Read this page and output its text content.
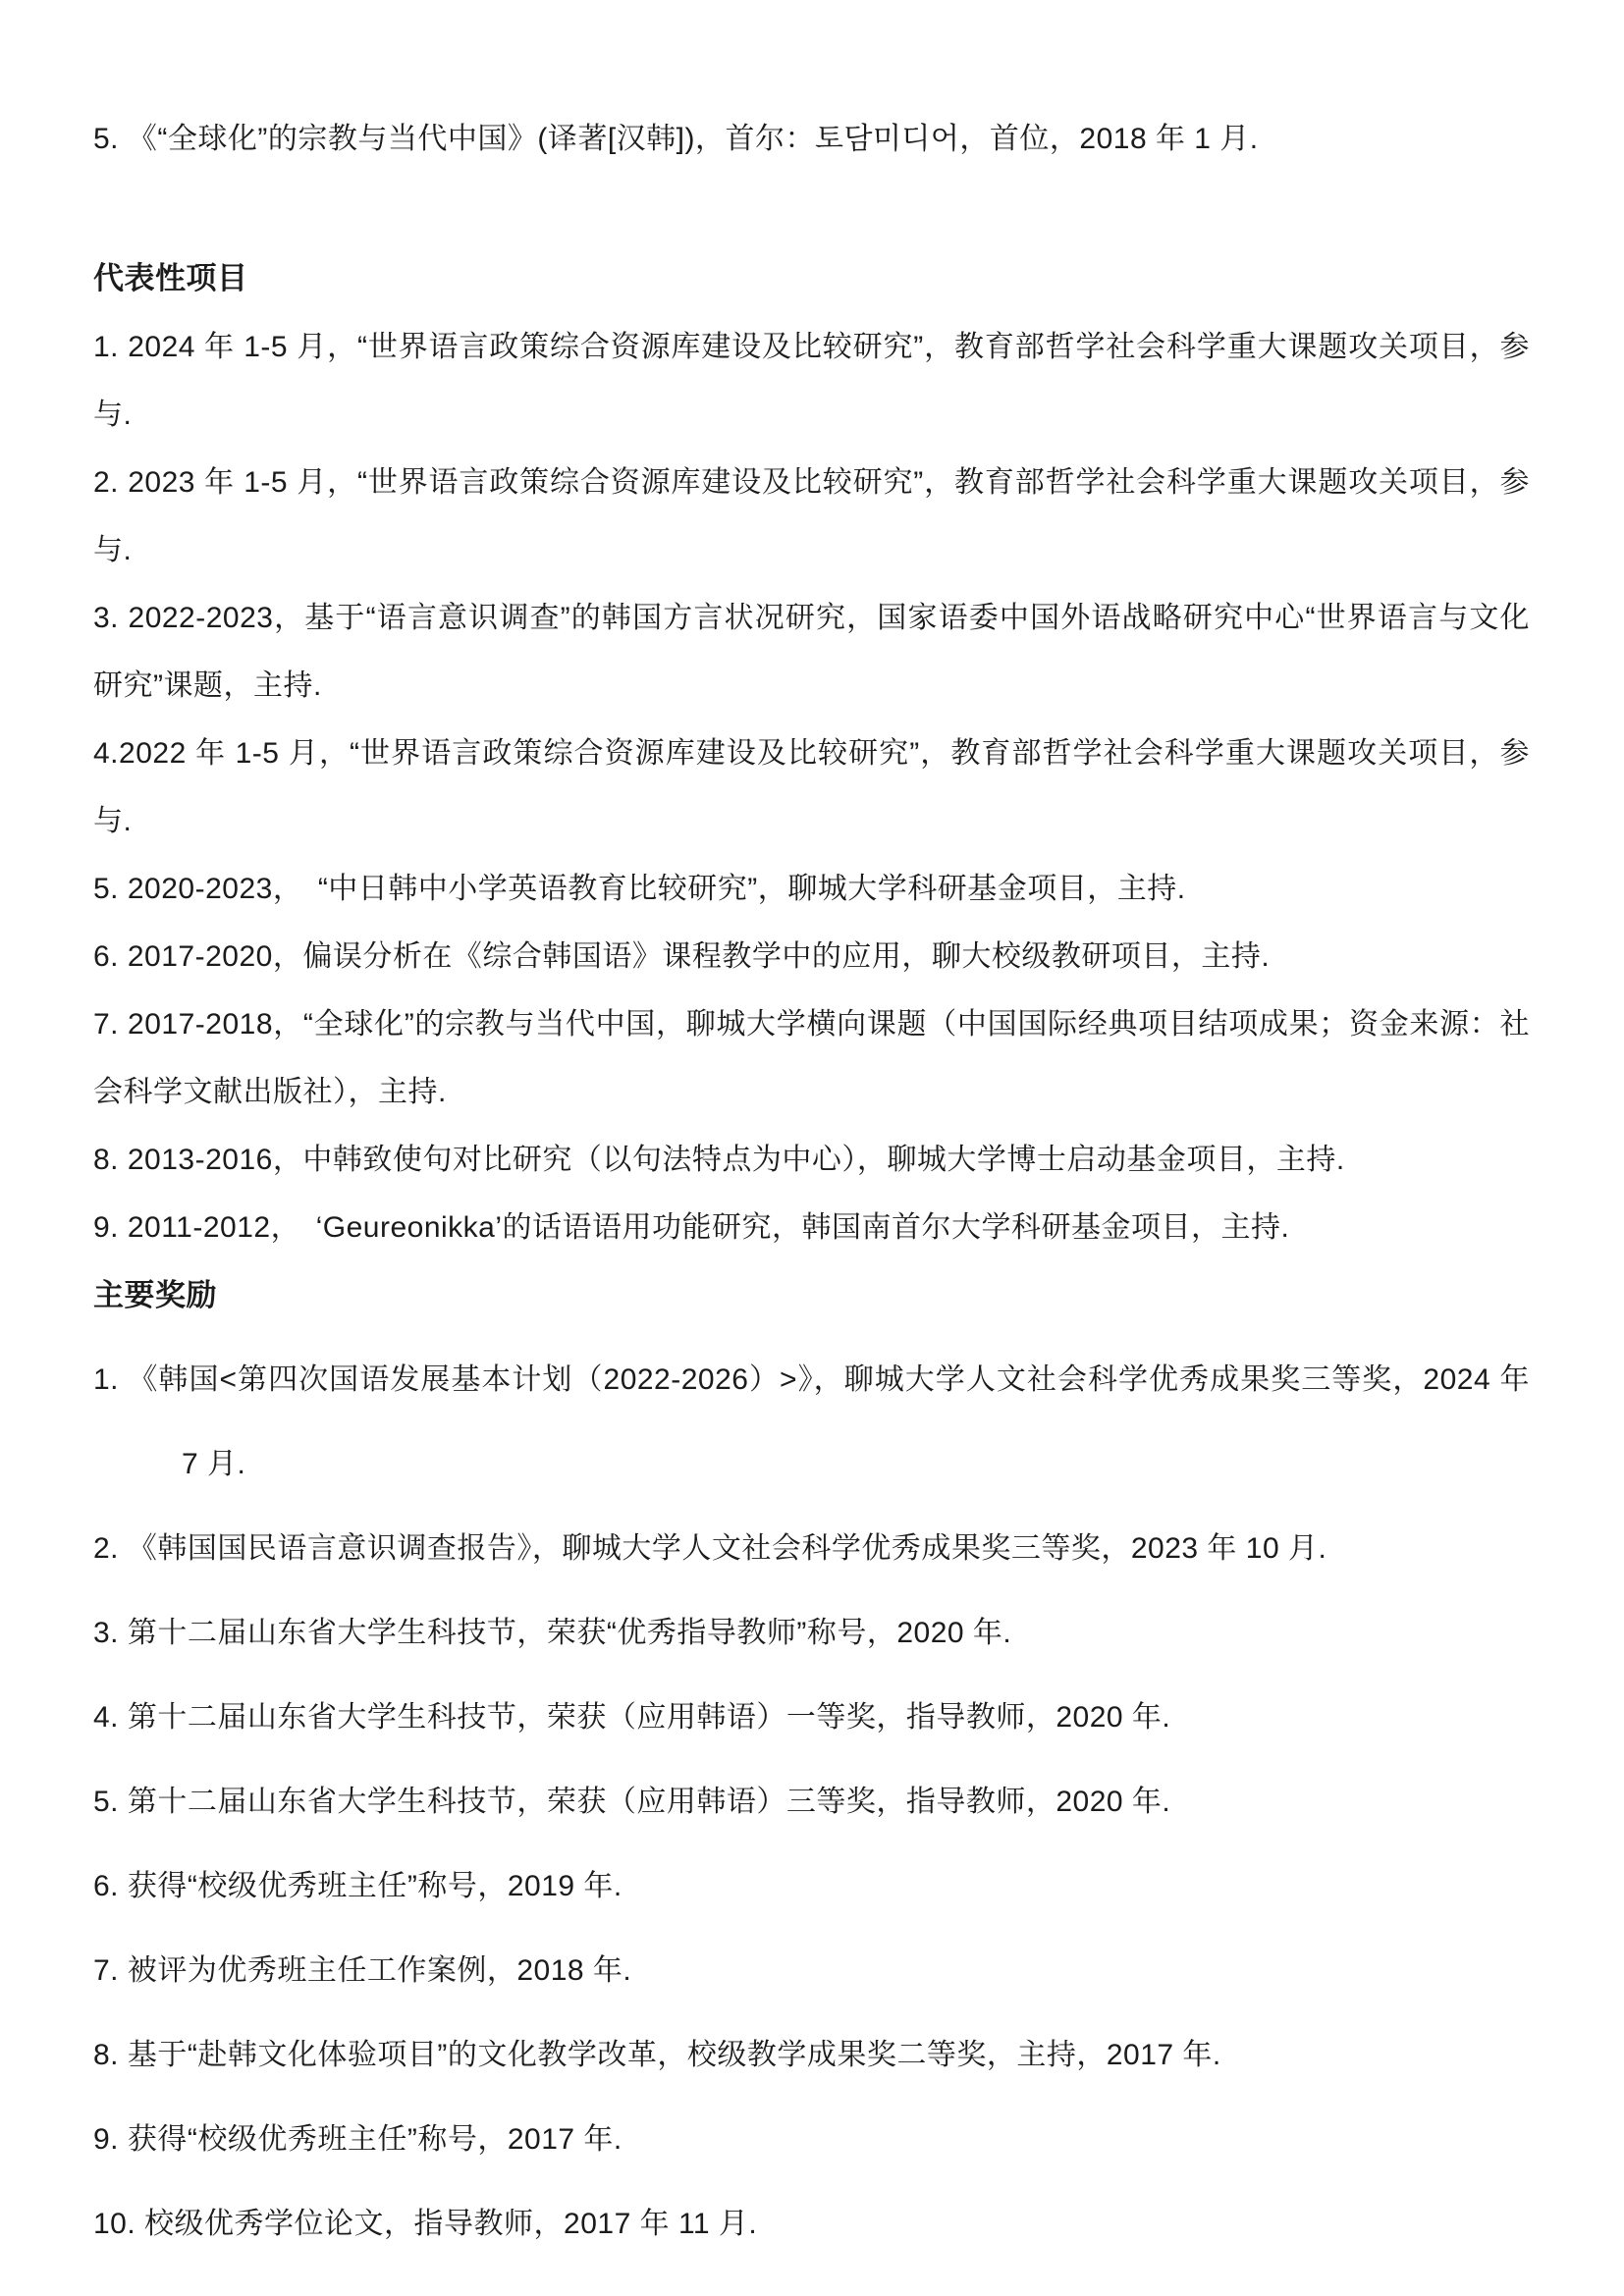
5. 《“全球化”的宗教与当代中国》(译著[汉韩])，首尔：토담미디어，首位，2018 年 1 月.

代表性项目

1. 2024 年 1-5 月，“世界语言政策综合资源库建设及比较研究”，教育部哲学社会科学重大课题攻关项目，参与.

2. 2023 年 1-5 月，“世界语言政策综合资源库建设及比较研究”，教育部哲学社会科学重大课题攻关项目，参与.

3. 2022-2023，基于“语言意识调查”的韩国方言状况研究，国家语委中国外语战略研究中心“世界语言与文化研究”课题，主持.

4.2022 年 1-5 月，“世界语言政策综合资源库建设及比较研究”，教育部哲学社会科学重大课题攻关项目，参与.

5. 2020-2023，　“中日韩中小学英语教育比较研究”，聊城大学科研基金项目，主持.

6. 2017-2020，偏误分析在《综合韩国语》课程教学中的应用，聊大校级教研项目，主持.

7. 2017-2018，“全球化”的宗教与当代中国，聊城大学横向课题（中国国际经典项目结项成果；资金来源：社会科学文献出版社），主持.

8. 2013-2016，中韩致使句对比研究（以句法特点为中心），聊城大学博士启动基金项目，主持.

9. 2011-2012，　‘Geureonikka’的话语语用功能研究，韩国南首尔大学科研基金项目，主持.

主要奖励

1. 《韩国<第四次国语发展基本计划（2022-2026）>》，聊城大学人文社会科学优秀成果奖三等奖，2024 年 7 月.

2. 《韩国国民语言意识调查报告》，聊城大学人文社会科学优秀成果奖三等奖，2023 年 10 月.

3. 第十二届山东省大学生科技节，荣获“优秀指导教师”称号，2020 年.

4. 第十二届山东省大学生科技节，荣获（应用韩语）一等奖，指导教师，2020 年.

5. 第十二届山东省大学生科技节，荣获（应用韩语）三等奖，指导教师，2020 年.

6. 获得“校级优秀班主任”称号，2019 年.

7. 被评为优秀班主任工作案例，2018 年.

8. 基于“赴韩文化体验项目”的文化教学改革，校级教学成果奖二等奖，主持，2017 年.

9. 获得“校级优秀班主任”称号，2017 年.

10. 校级优秀学位论文，指导教师，2017 年 11 月.
